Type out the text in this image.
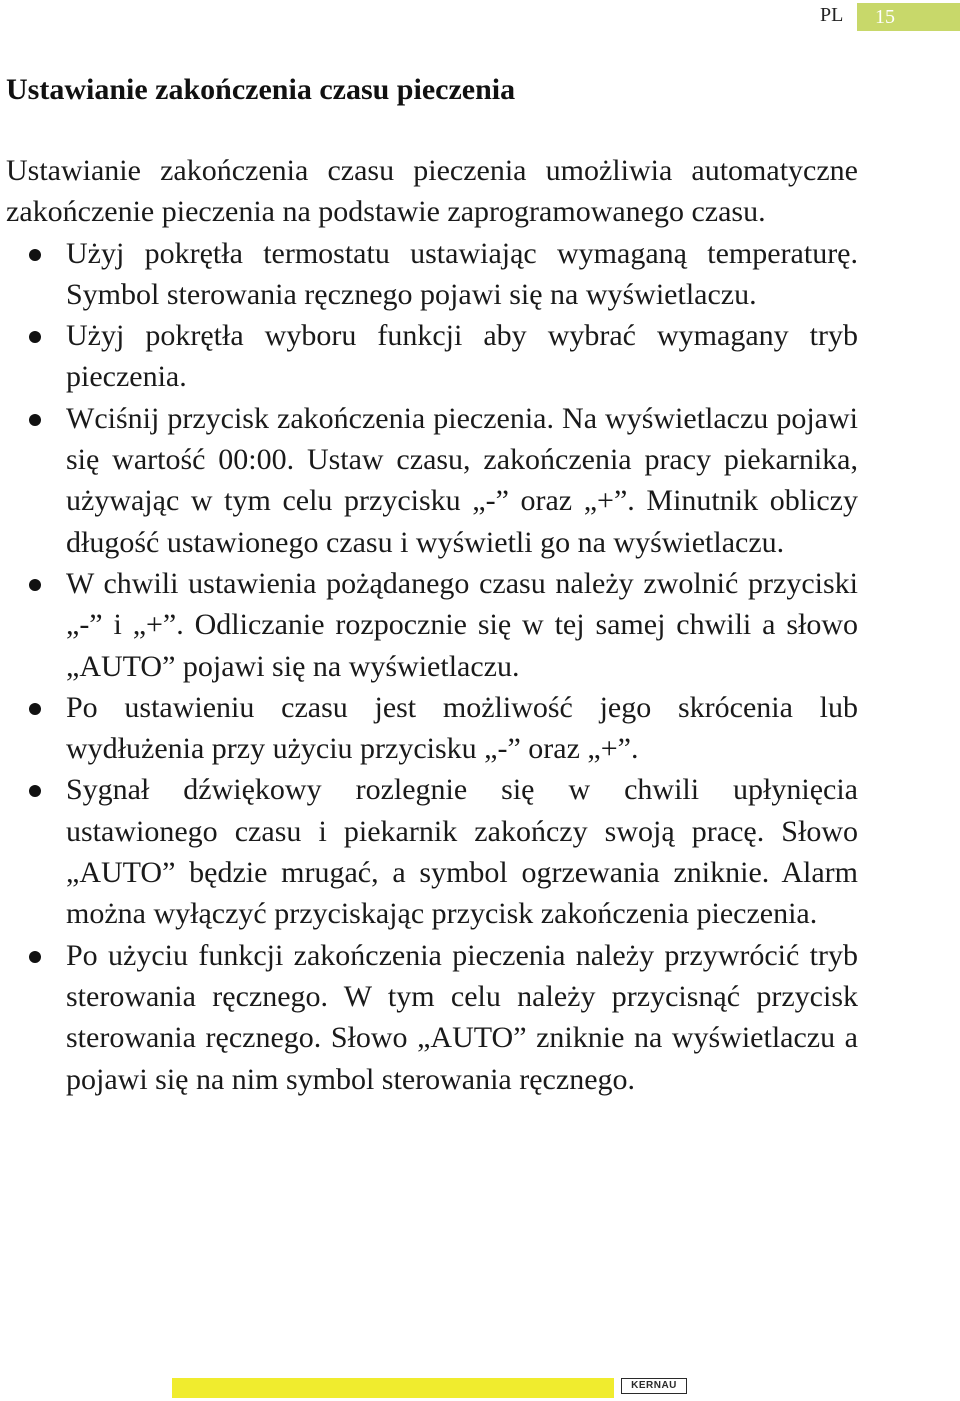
PL 15
Ustawianie zakończenia czasu pieczenia

Ustawianie zakończenia czasu pieczenia umożliwia automatyczne zakończenie pieczenia na podstawie zaprogramowanego czasu.

Użyj pokrętła termostatu ustawiając wymaganą temperaturę. Symbol sterowania ręcznego pojawi się na wyświetlaczu.
Użyj pokrętła wyboru funkcji aby wybrać wymagany tryb pieczenia.
Wciśnij przycisk zakończenia pieczenia. Na wyświetlaczu pojawi się wartość 00:00. Ustaw czasu, zakończenia pracy piekarnika, używając w tym celu przycisku „-” oraz „+”. Minutnik obliczy długość ustawionego czasu i wyświetli go na wyświetlaczu.
W chwili ustawienia pożądanego czasu należy zwolnić przyciski „-” i „+”. Odliczanie rozpocznie się w tej samej chwili a słowo „AUTO” pojawi się na wyświetlaczu.
Po ustawieniu czasu jest możliwość jego skrócenia lub wydłużenia przy użyciu przycisku „-” oraz „+”.
Sygnał dźwiękowy rozlegnie się w chwili upłynięcia ustawionego czasu i piekarnik zakończy swoją pracę. Słowo „AUTO” będzie mrugać, a symbol ogrzewania zniknie. Alarm można wyłączyć przyciskając przycisk zakończenia pieczenia.
Po użyciu funkcji zakończenia pieczenia należy przywrócić tryb sterowania ręcznego. W tym celu należy przycisnąć przycisk sterowania ręcznego. Słowo „AUTO” zniknie na wyświetlaczu a pojawi się na nim symbol sterowania ręcznego.
KERNAU
